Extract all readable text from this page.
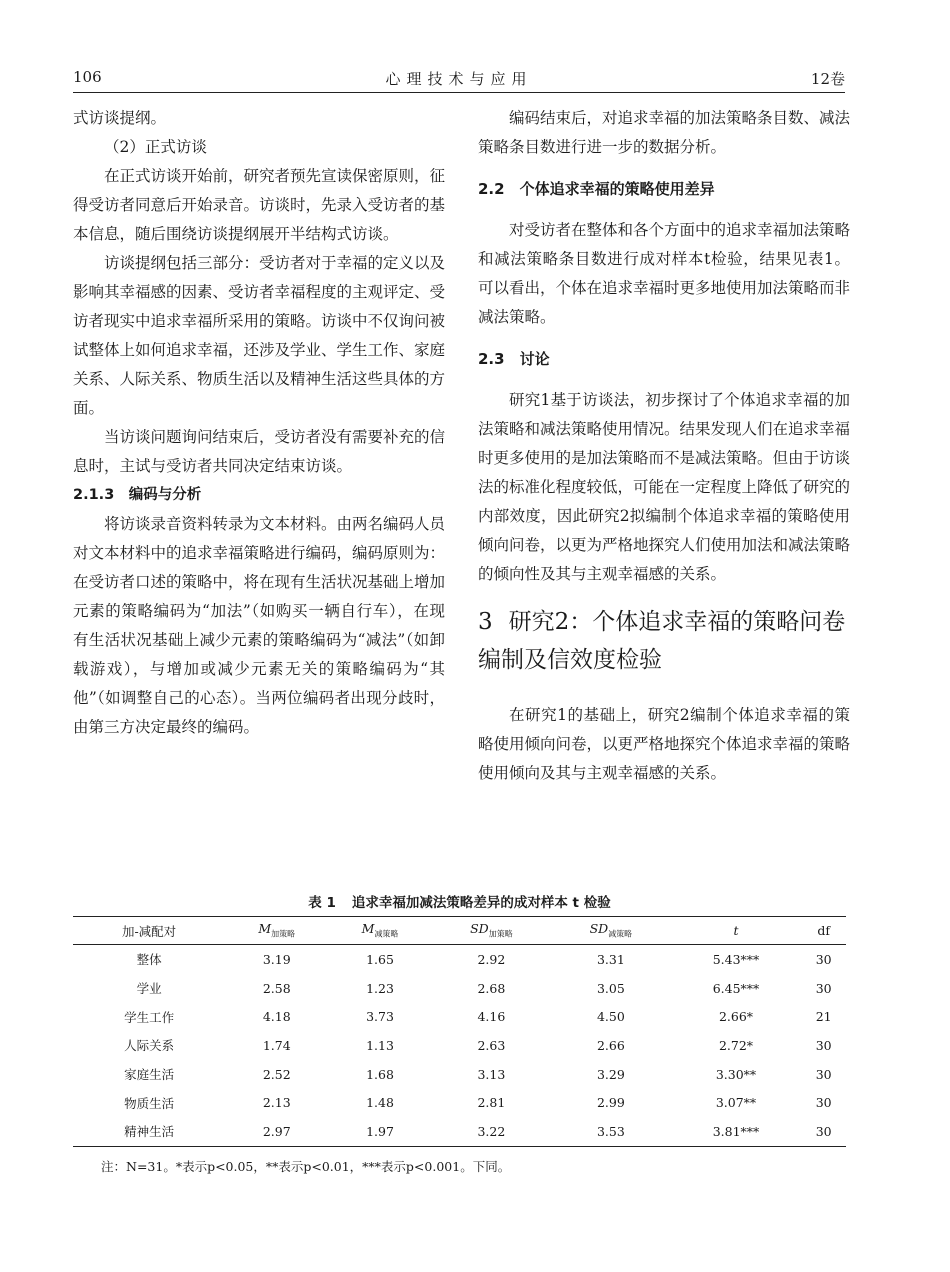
106	心理技术与应用	12卷

式访谈提纲。

（2）正式访谈

在正式访谈开始前，研究者预先宣读保密原则，征得受访者同意后开始录音。访谈时，先录入受访者的基本信息，随后围绕访谈提纲展开半结构式访谈。

访谈提纲包括三部分：受访者对于幸福的定义以及影响其幸福感的因素、受访者幸福程度的主观评定、受访者现实中追求幸福所采用的策略。访谈中不仅询问被试整体上如何追求幸福，还涉及学业、学生工作、家庭关系、人际关系、物质生活以及精神生活这些具体的方面。

当访谈问题询问结束后，受访者没有需要补充的信息时，主试与受访者共同决定结束访谈。

2.1.3　编码与分析

将访谈录音资料转录为文本材料。由两名编码人员对文本材料中的追求幸福策略进行编码，编码原则为：在受访者口述的策略中，将在现有生活状况基础上增加元素的策略编码为“加法”（如购买一辆自行车），在现有生活状况基础上减少元素的策略编码为“减法”（如卸载游戏），与增加或减少元素无关的策略编码为“其他”（如调整自己的心态）。当两位编码者出现分歧时，由第三方决定最终的编码。

编码结束后，对追求幸福的加法策略条目数、减法策略条目数进行进一步的数据分析。

2.2　个体追求幸福的策略使用差异

对受访者在整体和各个方面中的追求幸福加法策略和减法策略条目数进行成对样本t检验，结果见表1。可以看出，个体在追求幸福时更多地使用加法策略而非减法策略。

2.3　讨论

研究1基于访谈法，初步探讨了个体追求幸福的加法策略和减法策略使用情况。结果发现人们在追求幸福时更多使用的是加法策略而不是减法策略。但由于访谈法的标准化程度较低，可能在一定程度上降低了研究的内部效度，因此研究2拟编制个体追求幸福的策略使用倾向问卷，以更为严格地探究人们使用加法和减法策略的倾向性及其与主观幸福感的关系。

3 研究2：个体追求幸福的策略问卷编制及信效度检验

在研究1的基础上，研究2编制个体追求幸福的策略使用倾向问卷，以更严格地探究个体追求幸福的策略使用倾向及其与主观幸福感的关系。

表 1 追求幸福加减法策略差异的成对样本 t 检验
加-减配对	$M_{加策略}$	$M_{减策略}$	$SD_{加策略}$	$SD_{减策略}$	t	df
整体	3.19	1.65	2.92	3.31	5.43***	30
学业	2.58	1.23	2.68	3.05	6.45***	30
学生工作	4.18	3.73	4.16	4.50	2.66*	21
人际关系	1.74	1.13	2.63	2.66	2.72*	30
家庭生活	2.52	1.68	3.13	3.29	3.30**	30
物质生活	2.13	1.48	2.81	2.99	3.07**	30
精神生活	2.97	1.97	3.22	3.53	3.81***	30
注：N=31。*表示p<0.05，**表示p<0.01，***表示p<0.001。下同。
